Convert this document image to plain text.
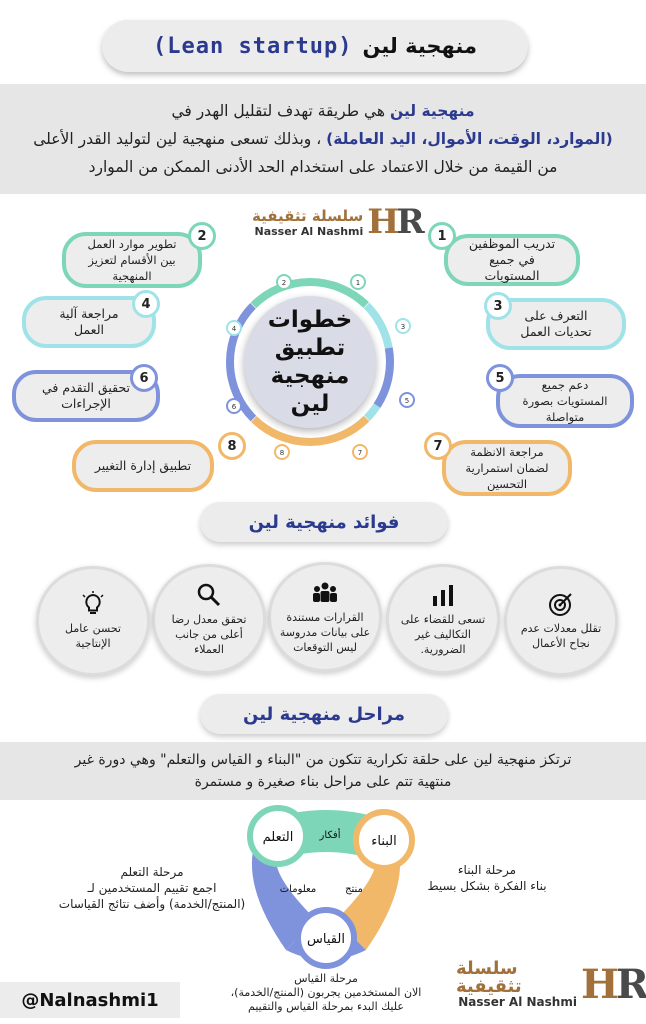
منهجية لين
(Lean startup)
منهجية لين هي طريقة تهدف لتقليل الهدر في
(الموارد، الوقت، الأموال، اليد العاملة) ، وبذلك تسعى منهجية لين لتوليد القدر الأعلى
من القيمة من خلال الاعتماد على استخدام الحد الأدنى الممكن من الموارد
سلسلة تثقيفية
Nasser Al Nashmi HR
1
2
3
4
5
6
7
8
خطوات تطبيق منهجية لين
تدريب الموظفين في جميع المستويات
1
تطوير موارد العمل بين الأقسام لتعزيز المنهجية
2
التعرف على تحديات العمل
3
مراجعة آلية العمل
4
دعم جميع المستويات بصورة متواصلة
5
تحقيق التقدم في الإجراءات
6
مراجعة الانظمة لضمان استمرارية التحسين
7
تطبيق إدارة التغيير
8
فوائد منهجية لين
تقلل معدلات عدم نجاح الأعمال
تسعى للقضاء على التكاليف غير الضرورية.
القرارات مستندة على بيانات مدروسة ليس التوقعات
تحقق معدل رضا أعلى من جانب العملاء
تحسن عامل الإنتاجية
مراحل منهجية لين
ترتكز منهجية لين على حلقة تكرارية تتكون من "البناء و القياس والتعلم" وهي دورة غير
منتهية تتم على مراحل بناء صغيرة و مستمرة
التعلم	البناء
القياس
أفكار
منتج
معلومات
مرحلة البناء
بناء الفكرة بشكل بسيط
مرحلة التعلم
اجمع تقييم المستخدمين لـ
(المنتج/الخدمة) وأضف نتائج القياسات
مرحلة القياس
الان المستخدمين يجربون (المنتج/الخدمة)،
عليك البدء بمرحلة القياس والتقييم
سلسلة تثقيفية
Nasser Al Nashmi HR
@Nalnashmi1
